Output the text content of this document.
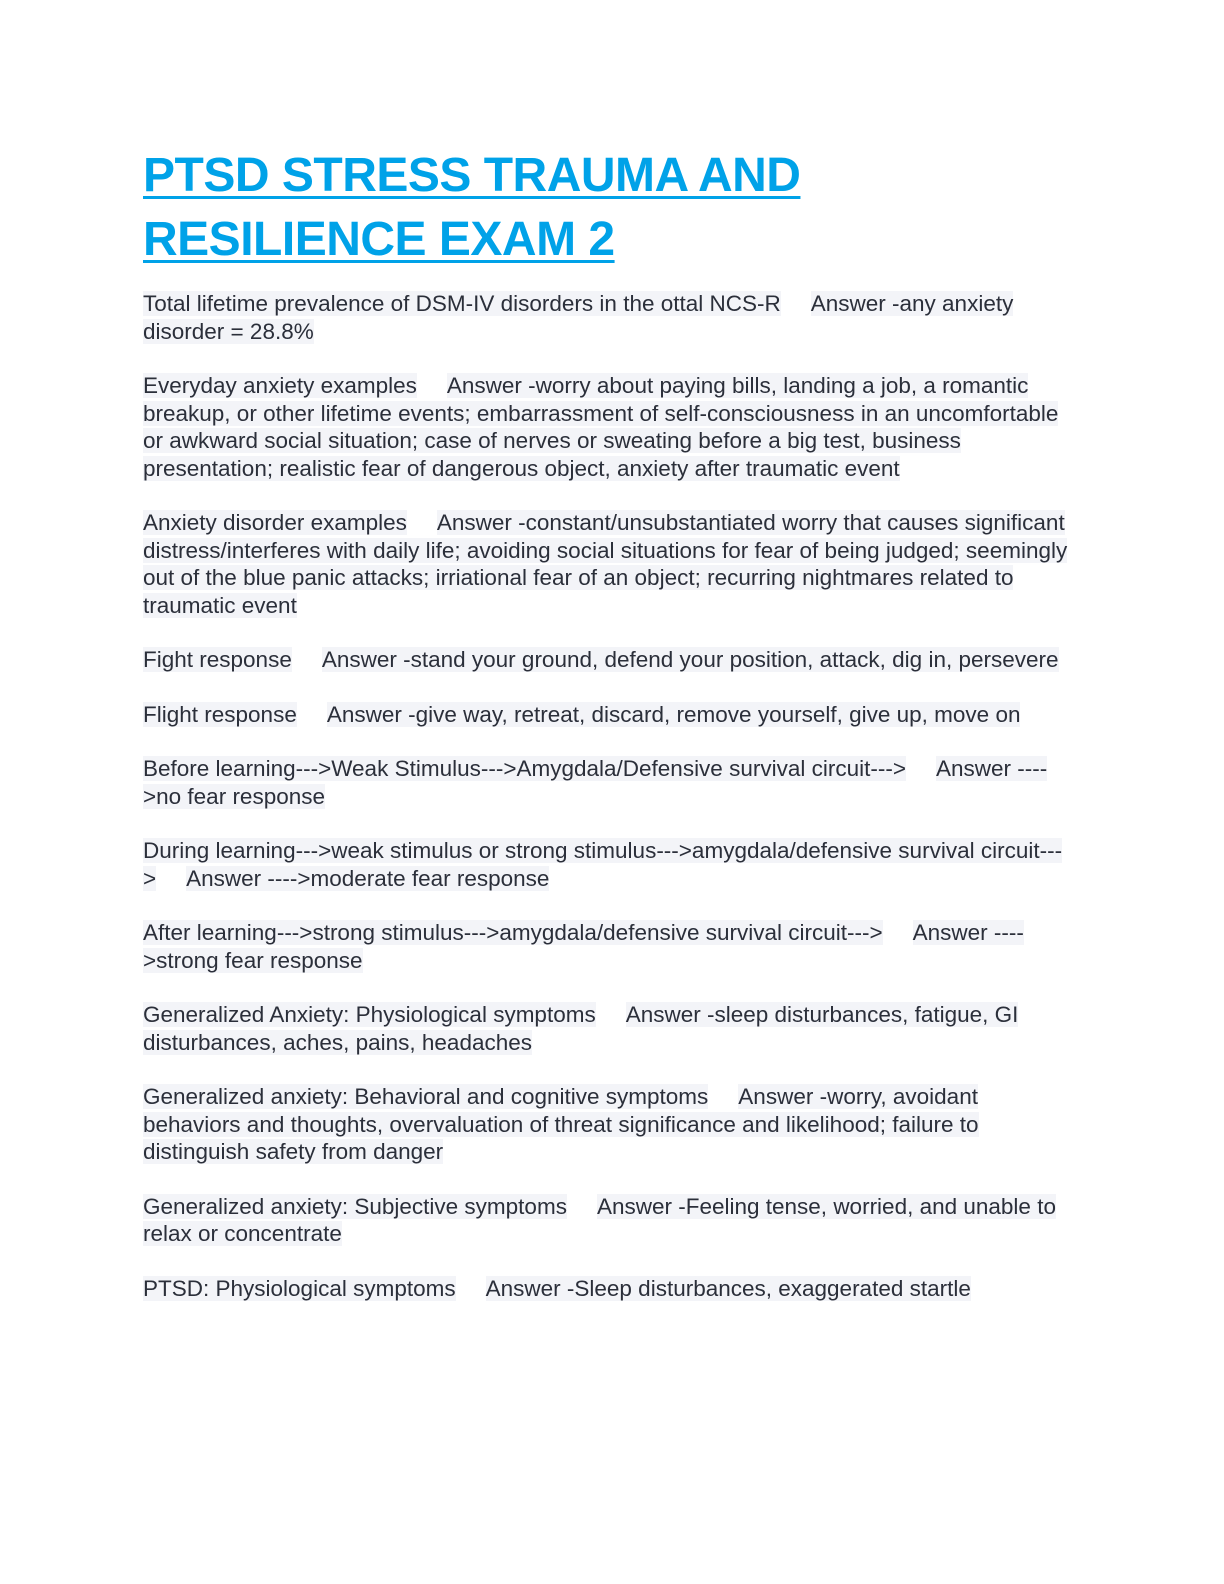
PTSD STRESS TRAUMA AND RESILIENCE EXAM 2

Total lifetime prevalence of DSM-IV disorders in the ottal NCS-R Answer -any anxiety disorder = 28.8%

Everyday anxiety examples Answer -worry about paying bills, landing a job, a romantic breakup, or other lifetime events; embarrassment of self-consciousness in an uncomfortable or awkward social situation; case of nerves or sweating before a big test, business presentation; realistic fear of dangerous object, anxiety after traumatic event

Anxiety disorder examples Answer -constant/unsubstantiated worry that causes significant distress/interferes with daily life; avoiding social situations for fear of being judged; seemingly out of the blue panic attacks; irriational fear of an object; recurring nightmares related to traumatic event

Fight response Answer -stand your ground, defend your position, attack, dig in, persevere

Flight response Answer -give way, retreat, discard, remove yourself, give up, move on

Before learning--->Weak Stimulus--->Amygdala/Defensive survival circuit---> Answer ---->no fear response

During learning--->weak stimulus or strong stimulus--->amygdala/defensive survival circuit---> Answer ---->moderate fear response

After learning--->strong stimulus--->amygdala/defensive survival circuit---> Answer ---->strong fear response

Generalized Anxiety: Physiological symptoms Answer -sleep disturbances, fatigue, GI disturbances, aches, pains, headaches

Generalized anxiety: Behavioral and cognitive symptoms Answer -worry, avoidant behaviors and thoughts, overvaluation of threat significance and likelihood; failure to distinguish safety from danger

Generalized anxiety: Subjective symptoms Answer -Feeling tense, worried, and unable to relax or concentrate

PTSD: Physiological symptoms Answer -Sleep disturbances, exaggerated startle
